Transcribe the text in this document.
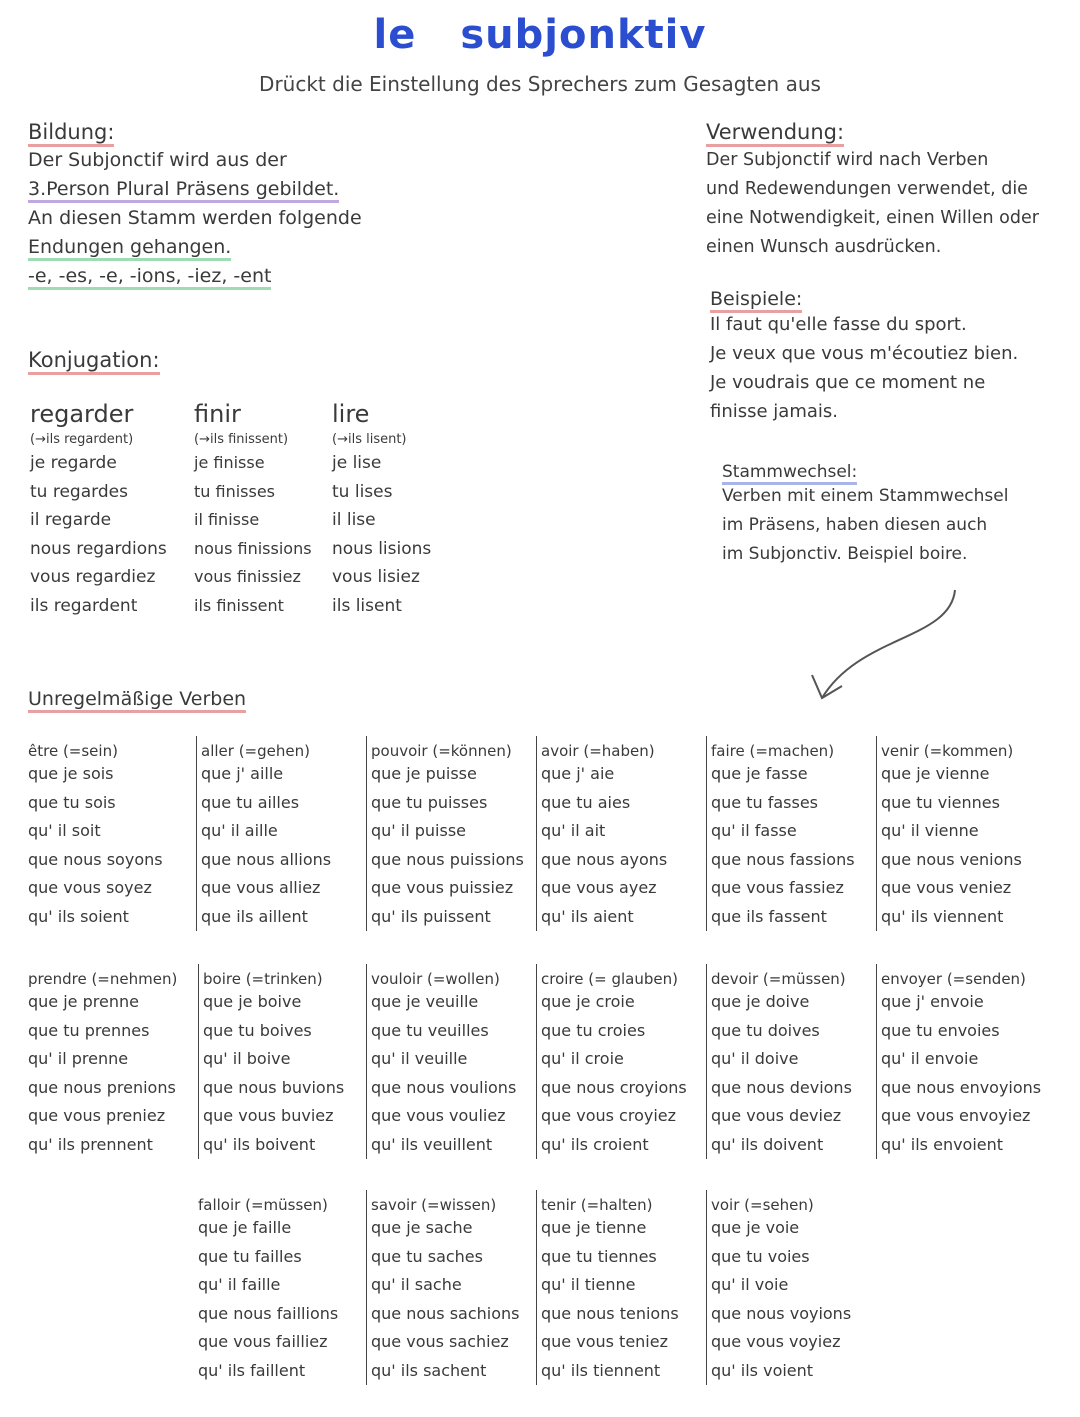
le subjonktiv
Drückt die Einstellung des Sprechers zum Gesagten aus
Bildung:
Der Subjonctif wird aus der
3.Person Plural Präsens gebildet.
An diesen Stamm werden folgende
Endungen gehangen.
-e, -es, -e, -ions, -iez, -ent
Verwendung:
Der Subjonctif wird nach Verben
und Redewendungen verwendet, die
eine Notwendigkeit, einen Willen oder
einen Wunsch ausdrücken.
Beispiele:
Il faut qu'elle fasse du sport.
Je veux que vous m'écoutiez bien.
Je voudrais que ce moment ne
finisse jamais.
Stammwechsel:
Verben mit einem Stammwechsel
im Präsens, haben diesen auch
im Subjonctiv. Beispiel boire.
Konjugation:
regarder
(→ils regardent)
je regarde
tu regardes
il regarde
nous regardions
vous regardiez
ils regardent
finir
(→ils finissent)
je finisse
tu finisses
il finisse
nous finissions
vous finissiez
ils finissent
lire
(→ils lisent)
je lise
tu lises
il lise
nous lisions
vous lisiez
ils lisent
Unregelmäßige Verben
être (=sein)
que je sois
que tu sois
qu' il soit
que nous soyons
que vous soyez
qu' ils soient
aller (=gehen)
que j' aille
que tu ailles
qu' il aille
que nous allions
que vous alliez
que ils aillent
pouvoir (=können)
que je puisse
que tu puisses
qu' il puisse
que nous puissions
que vous puissiez
qu' ils puissent
avoir (=haben)
que j' aie
que tu aies
qu' il ait
que nous ayons
que vous ayez
qu' ils aient
faire (=machen)
que je fasse
que tu fasses
qu' il fasse
que nous fassions
que vous fassiez
que ils fassent
venir (=kommen)
que je vienne
que tu viennes
qu' il vienne
que nous venions
que vous veniez
qu' ils viennent
prendre (=nehmen)
que je prenne
que tu prennes
qu' il prenne
que nous prenions
que vous preniez
qu' ils prennent
boire (=trinken)
que je boive
que tu boives
qu' il boive
que nous buvions
que vous buviez
qu' ils boivent
vouloir (=wollen)
que je veuille
que tu veuilles
qu' il veuille
que nous voulions
que vous vouliez
qu' ils veuillent
croire (= glauben)
que je croie
que tu croies
qu' il croie
que nous croyions
que vous croyiez
qu' ils croient
devoir (=müssen)
que je doive
que tu doives
qu' il doive
que nous devions
que vous deviez
qu' ils doivent
envoyer (=senden)
que j' envoie
que tu envoies
qu' il envoie
que nous envoyions
que vous envoyiez
qu' ils envoient
falloir (=müssen)
que je faille
que tu failles
qu' il faille
que nous faillions
que vous failliez
qu' ils faillent
savoir (=wissen)
que je sache
que tu saches
qu' il sache
que nous sachions
que vous sachiez
qu' ils sachent
tenir (=halten)
que je tienne
que tu tiennes
qu' il tienne
que nous tenions
que vous teniez
qu' ils tiennent
voir (=sehen)
que je voie
que tu voies
qu' il voie
que nous voyions
que vous voyiez
qu' ils voient
